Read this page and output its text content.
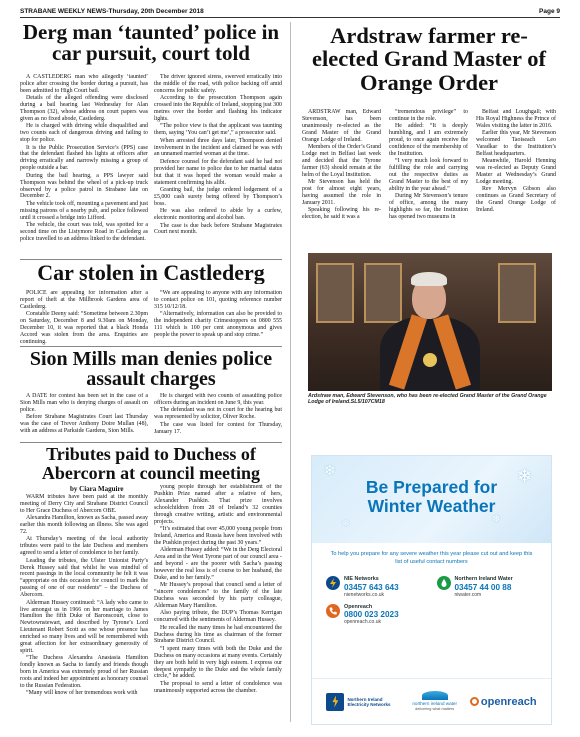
STRABANE WEEKLY NEWS-Thursday, 20th December 2018	Page 9
Derg man ‘taunted’ police in car pursuit, court told

A CASTLEDERG man who allegedly ‘taunted’ police after crossing the border during a pursuit, has been admitted to High Court bail.

Details of the alleged offending were disclosed during a bail hearing last Wednesday for Alan Thompson (32), whose address on court papers was given as no fixed abode, Castlederg.

He is charged with driving while disqualified and two counts each of dangerous driving and failing to stop for police.

It is the Public Prosecution Service’s (PPS) case that the defendant flashed his lights at officers after driving erratically and narrowly missing a group of people outside a bar.

During the bail hearing, a PPS lawyer said Thompson was behind the wheel of a pick-up truck observed by a police patrol in Strabane late on December 2.

The vehicle took off, mounting a pavement and just missing patrons of a nearby pub, and police followed until it crossed a bridge into Lifford.

The vehicle, the court was told, was spotted for a second time on the Listymore Road in Castlederg as police travelled to an address linked to the defendant.

The driver ignored sirens, swerved erratically into the middle of the road, with police backing off amid concerns for public safety.

According to the prosecution Thompson again crossed into the Republic of Ireland, stopping just 300 metres over the border and flashing his indicator lights.

“The police view is that the applicant was taunting them, saying ‘You can’t get me’,” a prosecutor said.

When arrested three days later, Thompson denied involvement in the incident and claimed he was with an unnamed married woman at the time.

Defence counsel for the defendant said he had not provided her name to police due to her marital status but that it was hoped the woman would make a statement confirming his alibi.

Granting bail, the judge ordered lodgement of a £5,000 cash surety being offered by Thompson’s boss.

He was also ordered to abide by a curfew, electronic monitoring and alcohol ban.

The case is due back before Strabane Magistrates Court next month.

Ardstraw farmer re-elected Grand Master of Orange Order

ARDSTRAW man, Edward Stevenson, has been unanimously re-elected as the Grand Master of the Grand Orange Lodge of Ireland.

Members of the Order’s Grand Lodge met in Belfast last week and decided that the Tyrone farmer (63) should remain at the helm of the Loyal Institution.

Mr Stevenson has held the post for almost eight years, having assumed the role in January 2011.

Speaking following his re-election, he said it was a

“tremendous privilege” to continue in the role.

He added: “It is deeply humbling, and I am extremely proud, to once again receive the confidence of the membership of the Institution.

“I very much look forward to fulfilling the role and carrying out the respective duties as Grand Master to the best of my ability in the year ahead.”

During Mr Stevenson’s tenure of office, among the many highlights so far, the Institution has opened two museums in

Belfast and Loughgall; with His Royal Highness the Prince of Wales visiting the latter in 2016.

Earlier this year, Mr Stevenson welcomed Taoiseach Leo Varadkar to the Institution’s Belfast headquarters.

Meanwhile, Harold Henning was re-elected as Deputy Grand Master at Wednesday’s Grand Lodge meeting.

Rev Mervyn Gibson also continues as Grand Secretary of the Grand Orange Lodge of Ireland.

Ardstraw man, Edward Stevenson, who has been re-elected Grand Master of the Grand Orange Lodge of Ireland.SL5/107CM18
Car stolen in Castlederg

POLICE are appealing for information after a report of theft at the Millbrook Gardens area of Castlederg.

Constable Deeny said: “Sometime between 2.30pm on Saturday, December 8 and 9.30am on Monday, December 10, it was reported that a black Honda Accord was stolen from the area. Enquiries are continuing.

“We are appealing to anyone with any information to contact police on 101, quoting reference number 315 10/12/18.

“Alternatively, information can also be provided to the independent charity Crimestoppers on 0800 555 111 which is 100 per cent anonymous and gives people the power to speak up and stop crime.”

Sion Mills man denies police assault charges

A DATE for contest has been set in the case of a Sion Mills man who is denying charges of assault on police.

Before Strabane Magistrates Court last Thursday was the case of Trevor Anthony Doire Mullan (48), with an address at Parkside Gardens, Sion Mills.

He is charged with two counts of assaulting police officers during an incident on June 9, this year.

The defendant was not in court for the hearing but was represented by solicitor, Oliver Roche.

The case was listed for contest for Thursday, January 17.

Tributes paid to Duchess of Abercorn at council meeting
by Ciara Maguire

WARM tributes have been paid at the monthly meeting of Derry City and Strabane District Council to Her Grace Duchess of Abercorn OBE.

Alexandra Hamilton, known as Sacha, passed away earlier this month following an illness. She was aged 72.

At Thursday’s meeting of the local authority tributes were paid to the late Duchess and members agreed to send a letter of condolence to her family.

Leading the tributes, the Ulster Unionist Party’s Derek Hussey said that whilst he was mindful of recent passings in the local community he felt it was “appropriate on this occasion for council to mark the passing of one of our residents” – the Duchess of Abercorn.

Alderman Hussey continued: “A lady who came to live amongst us in 1966 on her marriage to James Hamilton the fifth Duke of Baronscourt, close to Newtownstewart, and described by Tyrone’s Lord Lieutenant Robert Scott as one whose presence has enriched so many lives and will be remembered with great affection for her extraordinary generosity of spirit.

“The Duchess Alexandra Anastasia Hamilton fondly known as Sacha to family and friends though born in America was extremely proud of her Russian roots and indeed her appointment as honorary counsel to the Russian Federation.

“Many will know of her tremendous work with

young people through her establishment of the Pushkin Prize named after a relative of hers, Alexander Pushkin. That prize involves schoolchildren from 28 of Ireland’s 32 counties through creative writing, artistic and environmental projects.

“It’s estimated that over 45,000 young people from Ireland, America and Russia have been involved with the Pushkin project during the past 30 years.”

Alderman Hussey added: “We in the Derg Electoral Area and in the West Tyrone part of our council area - and beyond - are the poorer with Sacha’s passing however the real loss is of course to her husband, the Duke, and to her family.”

Mr Hussey’s proposal that council send a letter of “sincere condolences” to the family of the late Duchess was seconded by his party colleague, Alderman Mary Hamilton.

Also paying tribute, the DUP’s Thomas Kerrigan concurred with the sentiments of Alderman Hussey.

He recalled the many times he had encountered the Duchess during his time as chairman of the former Strabane District Council.

“I spent many times with both the Duke and the Duchess on many occasions at many events. Certainly they are both held in very high esteem. I express our deepest sympathy to the Duke and the whole family circle,” he added.

The proposal to send a letter of condolence was unanimously supported across the chamber.

❄	❄
❄
❄
Be Prepared for
Winter Weather
To help you prepare for any severe weather this year please cut out and keep this list of useful contact numbers
NIE Networks
03457 643 643
nienetworks.co.uk
Northern Ireland Water
03457 44 00 88
niwater.com
Openreach
0800 023 2023
openreach.co.uk
Northern Ireland Electricity Networks	northern ireland water
delivering what matters
openreach
